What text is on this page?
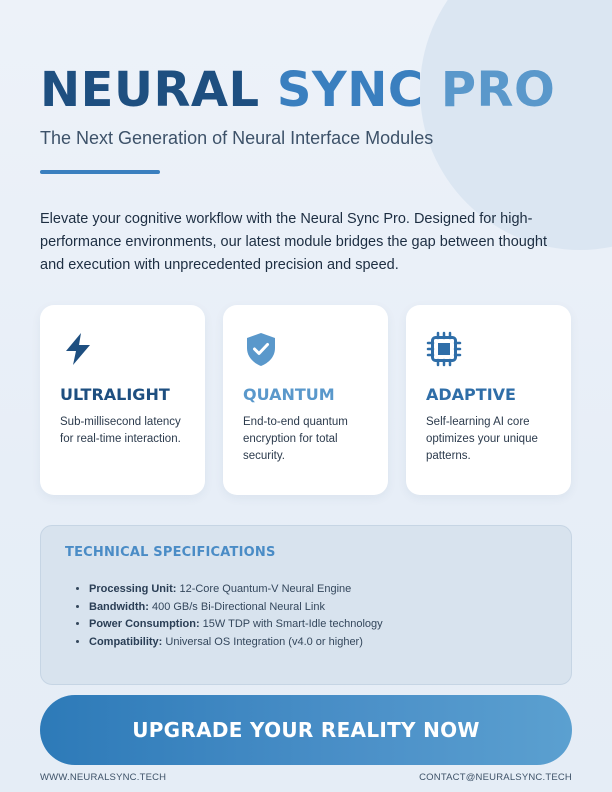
NEURAL SYNC PRO
The Next Generation of Neural Interface Modules

Elevate your cognitive workflow with the Neural Sync Pro. Designed for high-performance environments, our latest module bridges the gap between thought and execution with unprecedented precision and speed.

ULTRALIGHT
Sub-millisecond latency for real-time interaction.
QUANTUM
End-to-end quantum encryption for total security.
ADAPTIVE
Self-learning AI core optimizes your unique patterns.
TECHNICAL SPECIFICATIONS
• Processing Unit: 12-Core Quantum-V Neural Engine
• Bandwidth: 400 GB/s Bi-Directional Neural Link
• Power Consumption: 15W TDP with Smart-Idle technology
• Compatibility: Universal OS Integration (v4.0 or higher)
UPGRADE YOUR REALITY NOW
WWW.NEURALSYNC.TECH	CONTACT@NEURALSYNC.TECH
